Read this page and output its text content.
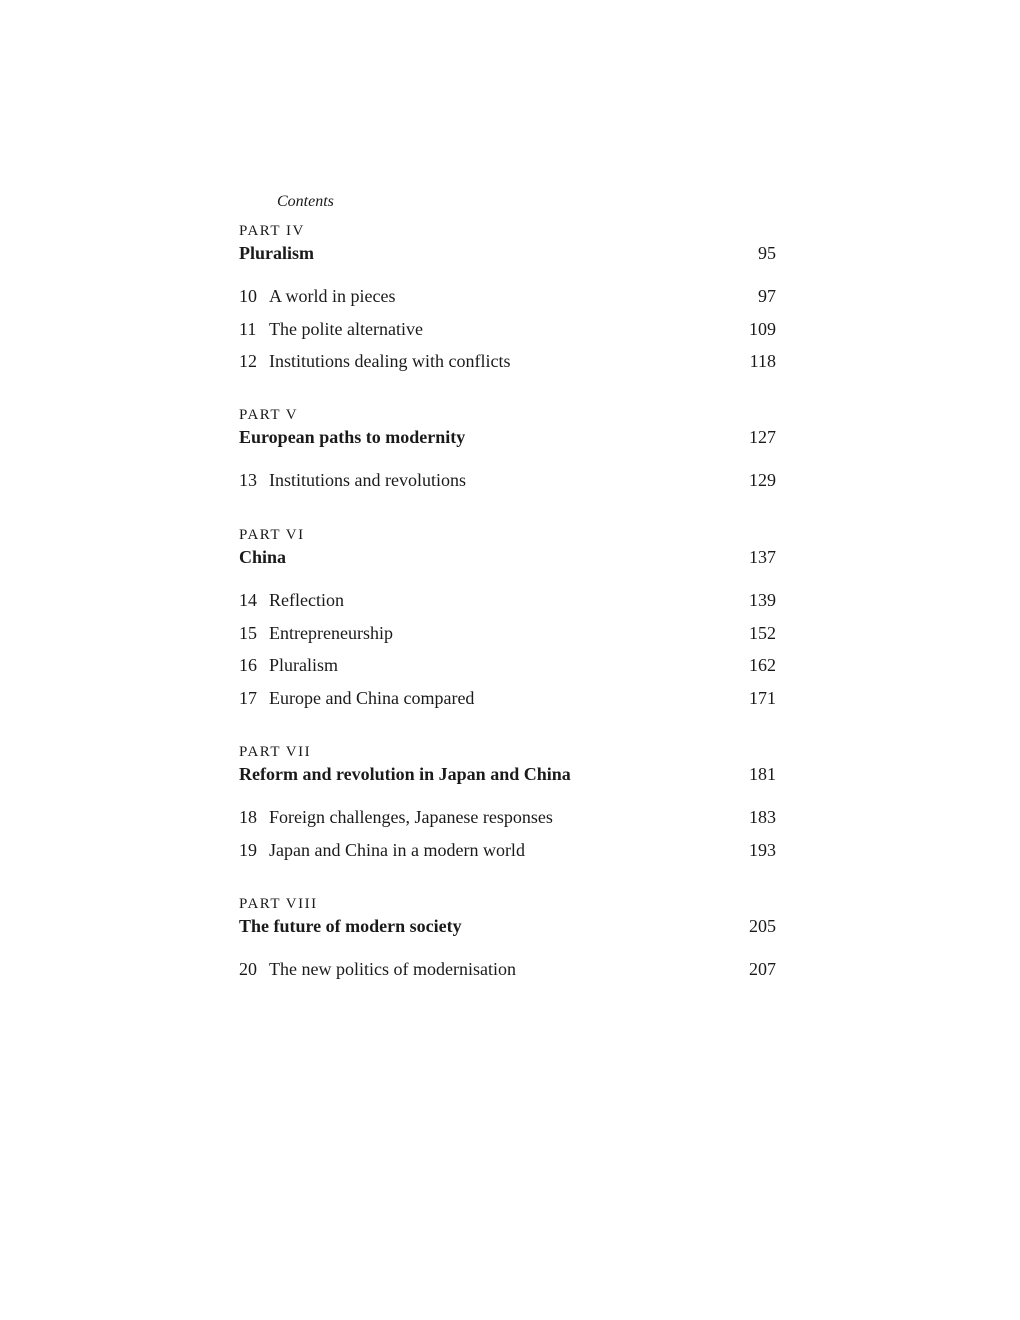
Contents
PART IV
Pluralism	95
10 A world in pieces	97
11 The polite alternative	109
12 Institutions dealing with conflicts	118
PART V
European paths to modernity	127
13 Institutions and revolutions	129
PART VI
China	137
14 Reflection	139
15 Entrepreneurship	152
16 Pluralism	162
17 Europe and China compared	171
PART VII
Reform and revolution in Japan and China	181
18 Foreign challenges, Japanese responses	183
19 Japan and China in a modern world	193
PART VIII
The future of modern society	205
20 The new politics of modernisation	207
